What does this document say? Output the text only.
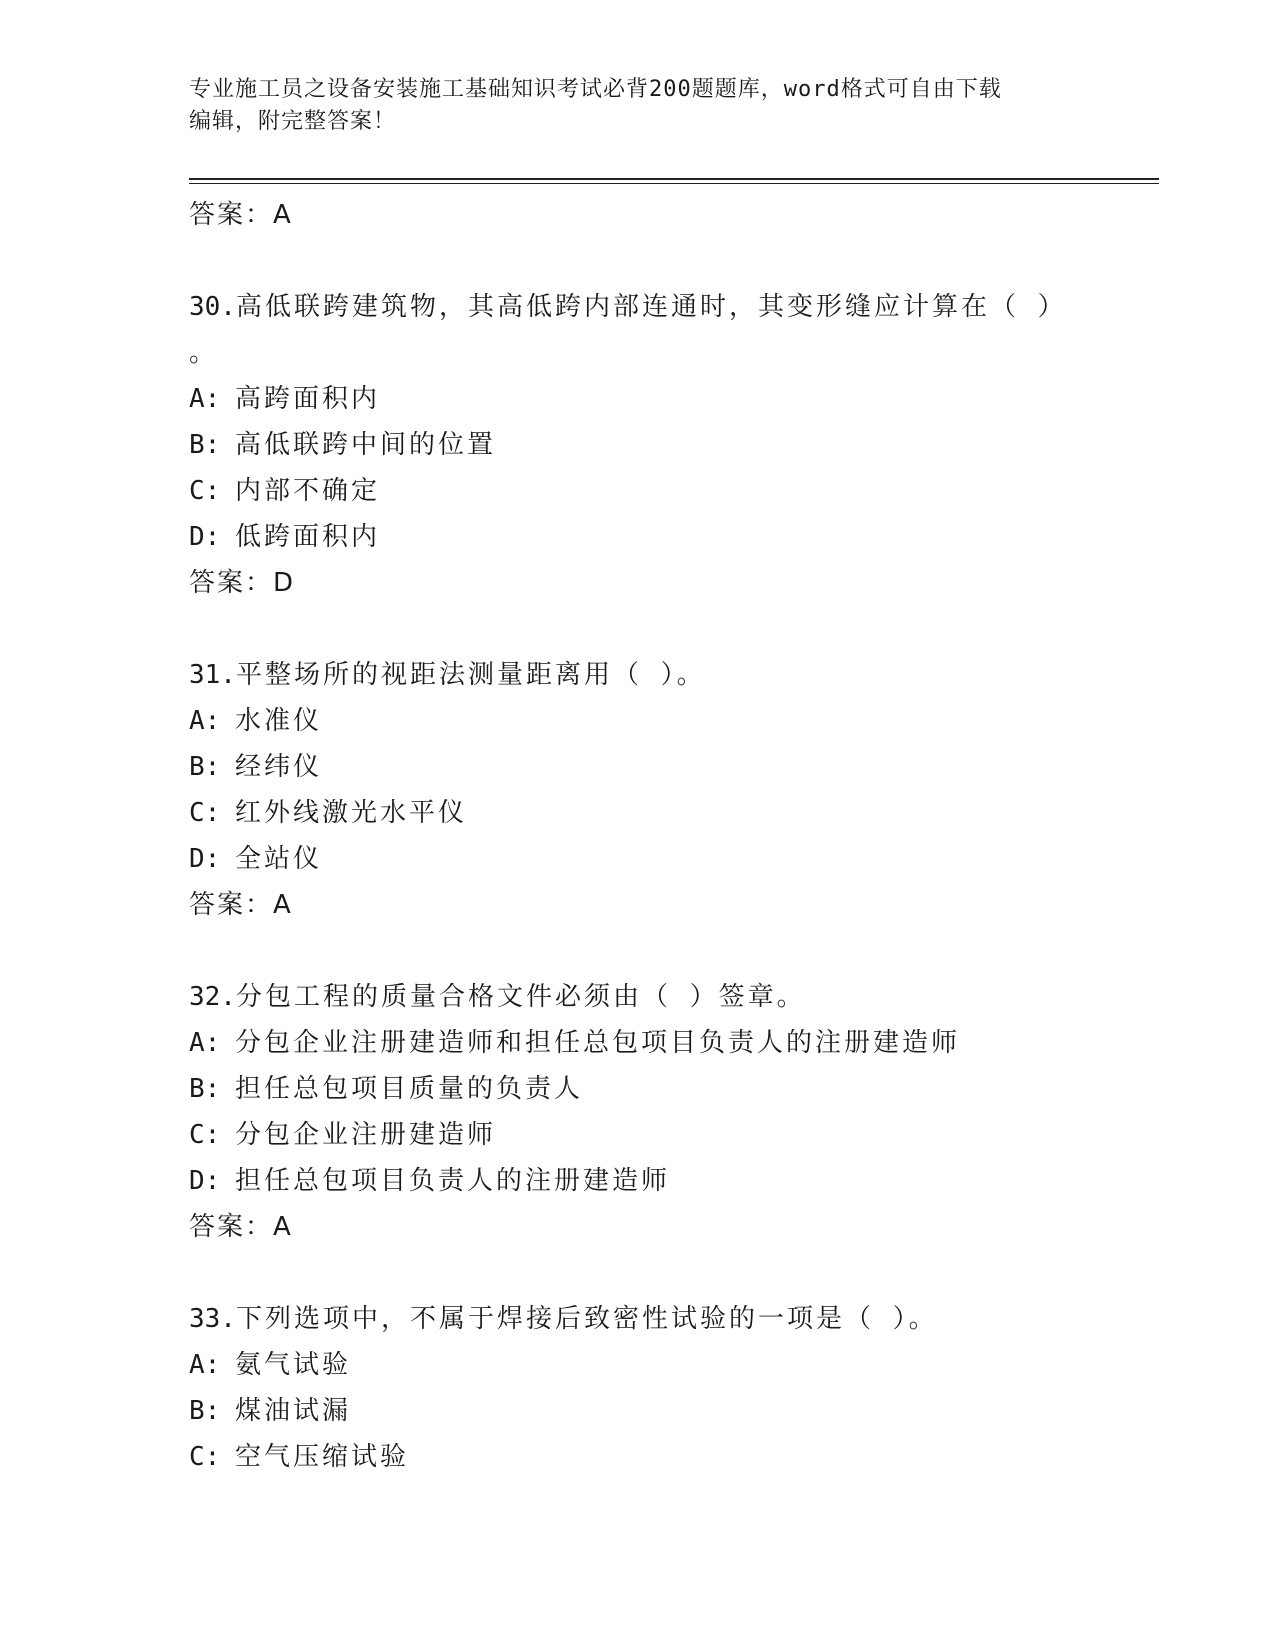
专业施工员之设备安装施工基础知识考试必背200题题库，word格式可自由下载
编辑，附完整答案！
答案：A
30.高低联跨建筑物，其高低跨内部连通时，其变形缝应计算在（ ）
。
A: 高跨面积内
B: 高低联跨中间的位置
C: 内部不确定
D: 低跨面积内
答案：D
31.平整场所的视距法测量距离用（ ）。
A: 水准仪
B: 经纬仪
C: 红外线激光水平仪
D: 全站仪
答案：A
32.分包工程的质量合格文件必须由（ ）签章。
A: 分包企业注册建造师和担任总包项目负责人的注册建造师
B: 担任总包项目质量的负责人
C: 分包企业注册建造师
D: 担任总包项目负责人的注册建造师
答案：A
33.下列选项中，不属于焊接后致密性试验的一项是（ ）。
A: 氨气试验
B: 煤油试漏
C: 空气压缩试验
